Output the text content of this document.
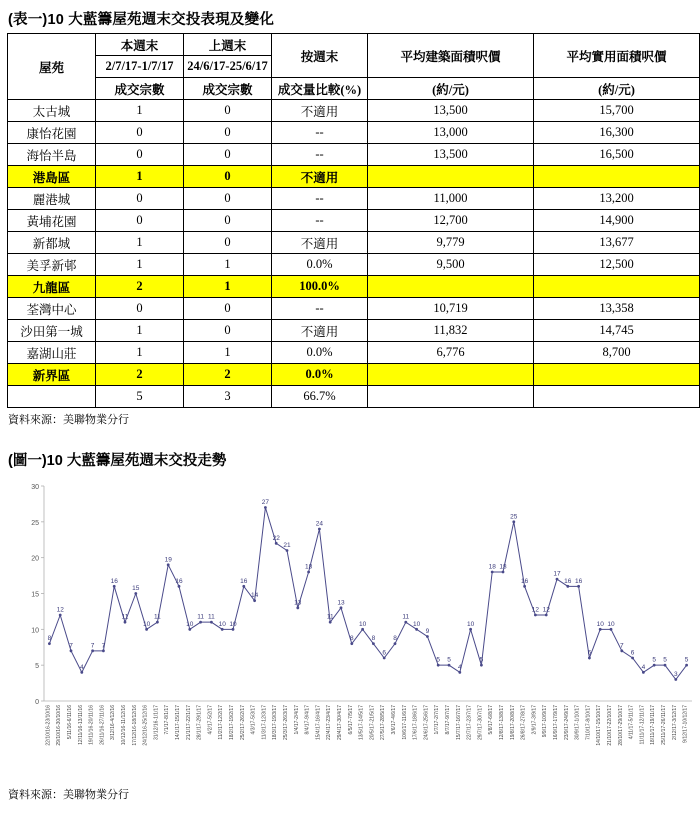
(表一)10 大藍籌屋苑週末交投表現及變化
屋苑	本週末	上週末	按週末	平均建築面積呎價	平均實用面積呎價
	2/7/17-1/7/17	24/6/17-25/6/17			
	成交宗數	成交宗數	成交量比較(%)	(約/元)	(約/元)
太古城	1	0	不適用	13,500	15,700
康怡花園	0	0	--	13,000	16,300
海怡半島	0	0	--	13,500	16,500
港島區	1	0	不適用		
麗港城	0	0	--	11,000	13,200
黃埔花園	0	0	--	12,700	14,900
新都城	1	0	不適用	9,779	13,677
美孚新邨	1	1	0.0%	9,500	12,500
九龍區	2	1	100.0%		
荃灣中心	0	0	--	10,719	13,358
沙田第一城	1	0	不適用	11,832	14,745
嘉湖山莊	1	1	0.0%	6,776	8,700
新界區	2	2	0.0%		
	5	3	66.7%		
資料來源：美聯物業分行
(圖一)10 大藍籌屋苑週末交投走勢
0
5
10
15
20
25
30
8
12
7
4
7 7
16
11
15
10
11
19
16
10
11 11
10 10
16
14
27
22
21
13
18
24
11
13
8
10
8
6
8
11
10
9
5 5
4
10
5
18 18
25
16
12 12
17
16 16
6
10 10
7
6
4
5 5
3
5
22/10/16-23/10/16 29/10/16-30/10/16 5/11/16-6/11/16 12/11/16-13/11/16 19/11/16-20/11/16 26/11/16-27/11/16 3/12/16-4/12/16 10/12/16-11/12/16 17/12/16-18/12/16 24/12/16-25/12/16 31/12/16-1/1/17 7/1/17-8/1/17 14/1/17-15/1/17 21/1/17-22/1/17 28/1/17-29/1/17 4/2/17-5/2/17 11/2/17-12/2/17 18/2/17-19/2/17 25/2/17-26/2/17 4/3/17-5/3/17 11/3/17-12/3/17 18/3/17-19/3/17 25/3/17-26/3/17 1/4/17-2/4/17 8/4/17-9/4/17 15/4/17-16/4/17 22/4/17-23/4/17 29/4/17-30/4/17 6/5/17-7/5/17 13/5/17-14/5/17 20/5/17-21/5/17 27/5/17-28/5/17 3/6/17-4/6/17 10/6/17-11/6/17 17/6/17-18/6/17 24/6/17-25/6/17 1/7/17-2/7/17 8/7/17-9/7/17 15/7/17-16/7/17 22/7/17-23/7/17 29/7/17-30/7/17 5/8/17-6/8/17 12/8/17-13/8/17 19/8/17-20/8/17 26/8/17-27/8/17 2/9/17-3/9/17 9/9/17-10/9/17 16/9/17-17/9/17 23/9/17-24/9/17 30/9/17-1/10/17 7/10/17-8/10/17 14/10/17-15/10/17 21/10/17-22/10/17 28/10/17-29/10/17 4/11/17-5/11/17 11/11/17-12/11/17 18/11/17-19/11/17 25/11/17-26/11/17 2/12/17-3/12/17 9/12/17-10/12/17
資料來源：美聯物業分行
